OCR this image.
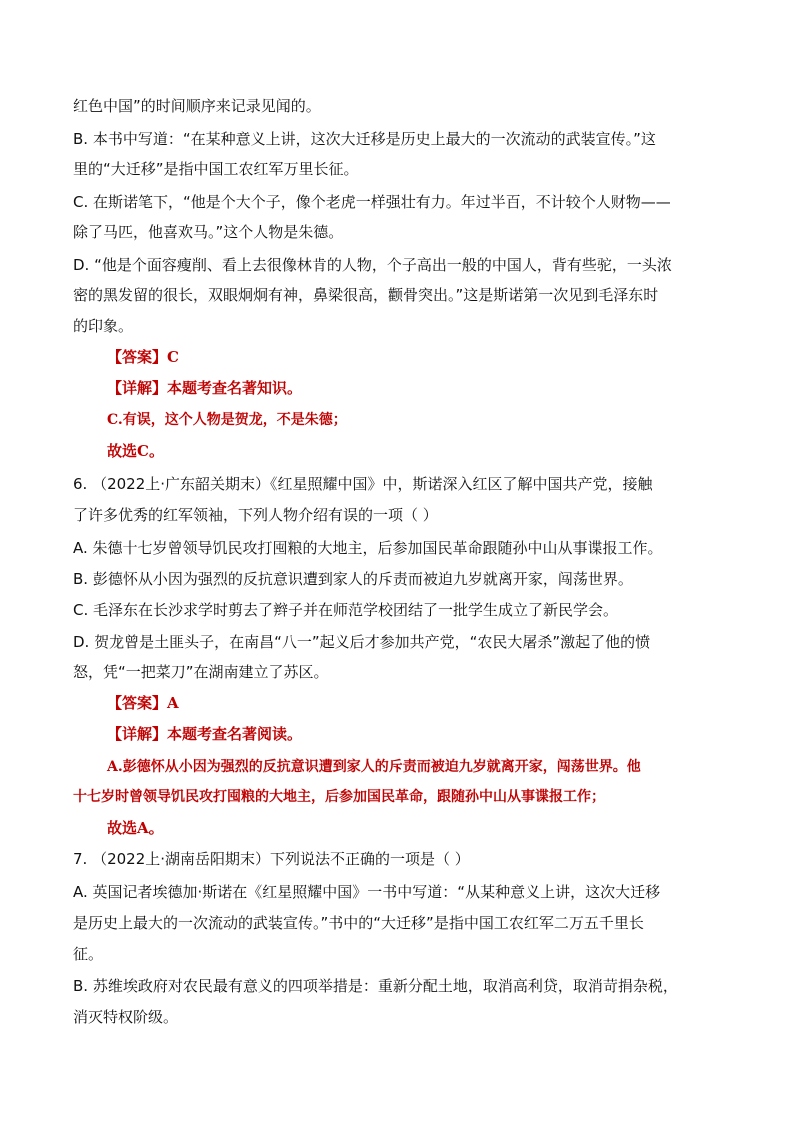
红色中国”的时间顺序来记录见闻的。
B. 本书中写道：“在某种意义上讲，这次大迁移是历史上最大的一次流动的武装宣传。”这
里的“大迁移”是指中国工农红军万里长征。
C. 在斯诺笔下，“他是个大个子，像个老虎一样强壮有力。年过半百，不计较个人财物——
除了马匹，他喜欢马。”这个人物是朱德。
D. “他是个面容瘦削、看上去很像林肯的人物，个子高出一般的中国人，背有些驼，一头浓
密的黑发留的很长，双眼炯炯有神，鼻梁很高，颧骨突出。”这是斯诺第一次见到毛泽东时
的印象。
【答案】C
【详解】本题考查名著知识。
C.有误，这个人物是贺龙，不是朱德；
故选C。
6. （2022上·广东韶关期末）《红星照耀中国》中，斯诺深入红区了解中国共产党，接触
了许多优秀的红军领袖，下列人物介绍有误的一项（ ）
A. 朱德十七岁曾领导饥民攻打囤粮的大地主，后参加国民革命跟随孙中山从事谍报工作。
B. 彭德怀从小因为强烈的反抗意识遭到家人的斥责而被迫九岁就离开家，闯荡世界。
C. 毛泽东在长沙求学时剪去了辫子并在师范学校团结了一批学生成立了新民学会。
D. 贺龙曾是土匪头子，在南昌“八一”起义后才参加共产党，“农民大屠杀”激起了他的愤
怒，凭“一把菜刀”在湖南建立了苏区。
【答案】A
【详解】本题考查名著阅读。
A.彭德怀从小因为强烈的反抗意识遭到家人的斥责而被迫九岁就离开家，闯荡世界。他
十七岁时曾领导饥民攻打囤粮的大地主，后参加国民革命，跟随孙中山从事谍报工作；
故选A。
7. （2022上·湖南岳阳期末）下列说法不正确的一项是（ ）
A. 英国记者埃德加·斯诺在《红星照耀中国》一书中写道：“从某种意义上讲，这次大迁移
是历史上最大的一次流动的武装宣传。”书中的“大迁移”是指中国工农红军二万五千里长
征。
B. 苏维埃政府对农民最有意义的四项举措是：重新分配土地，取消高利贷，取消苛捐杂税，
消灭特权阶级。
